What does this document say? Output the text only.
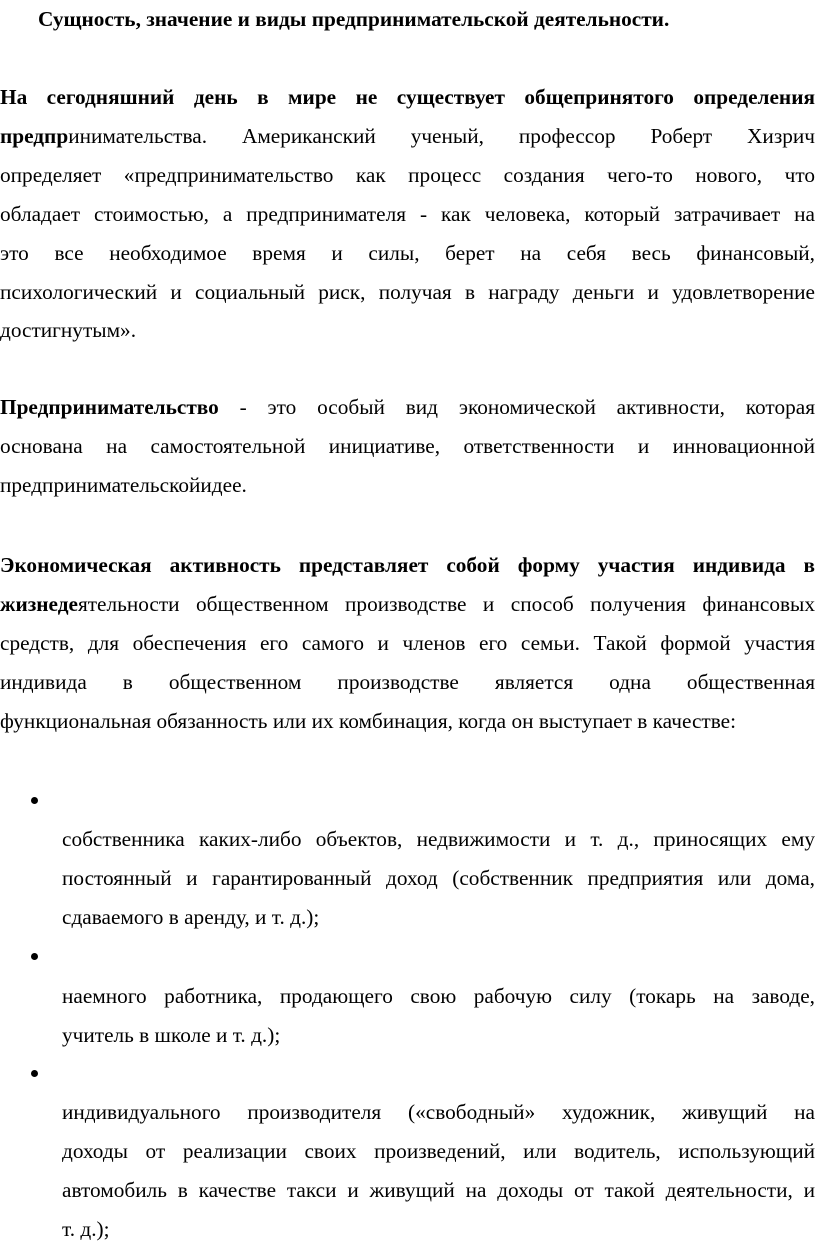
Сущность, значение и виды предпринимательской деятельности.
На сегодняшний день в мире не существует общепринятого определения
предпринимательства. Американский ученый, профессор Роберт Хизрич
определяет «предпринимательство как процесс создания чего-то нового, что
обладает стоимостью, а предпринимателя - как человека, который затрачивает на
это все необходимое время и силы, берет на себя весь финансовый,
психологический и социальный риск, получая в награду деньги и удовлетворение
достигнутым».
Предпринимательство - это особый вид экономической активности, которая
основана на самостоятельной инициативе, ответственности и инновационной
предпринимательскойидее.
Экономическая активность представляет собой форму участия индивида в
жизнедеятельности общественном производстве и способ получения финансовых
средств, для обеспечения его самого и членов его семьи. Такой формой участия
индивида в общественном производстве является одна общественная
функциональная обязанность или их комбинация, когда он выступает в качестве:
собственника каких-либо объектов, недвижимости и т. д., приносящих ему
постоянный и гарантированный доход (собственник предприятия или дома,
сдаваемого в аренду, и т. д.);
наемного работника, продающего свою рабочую силу (токарь на заводе,
учитель в школе и т. д.);
индивидуального производителя («свободный» художник, живущий на
доходы от реализации своих произведений, или водитель, использующий
автомобиль в качестве такси и живущий на доходы от такой деятельности, и
т. д.);
